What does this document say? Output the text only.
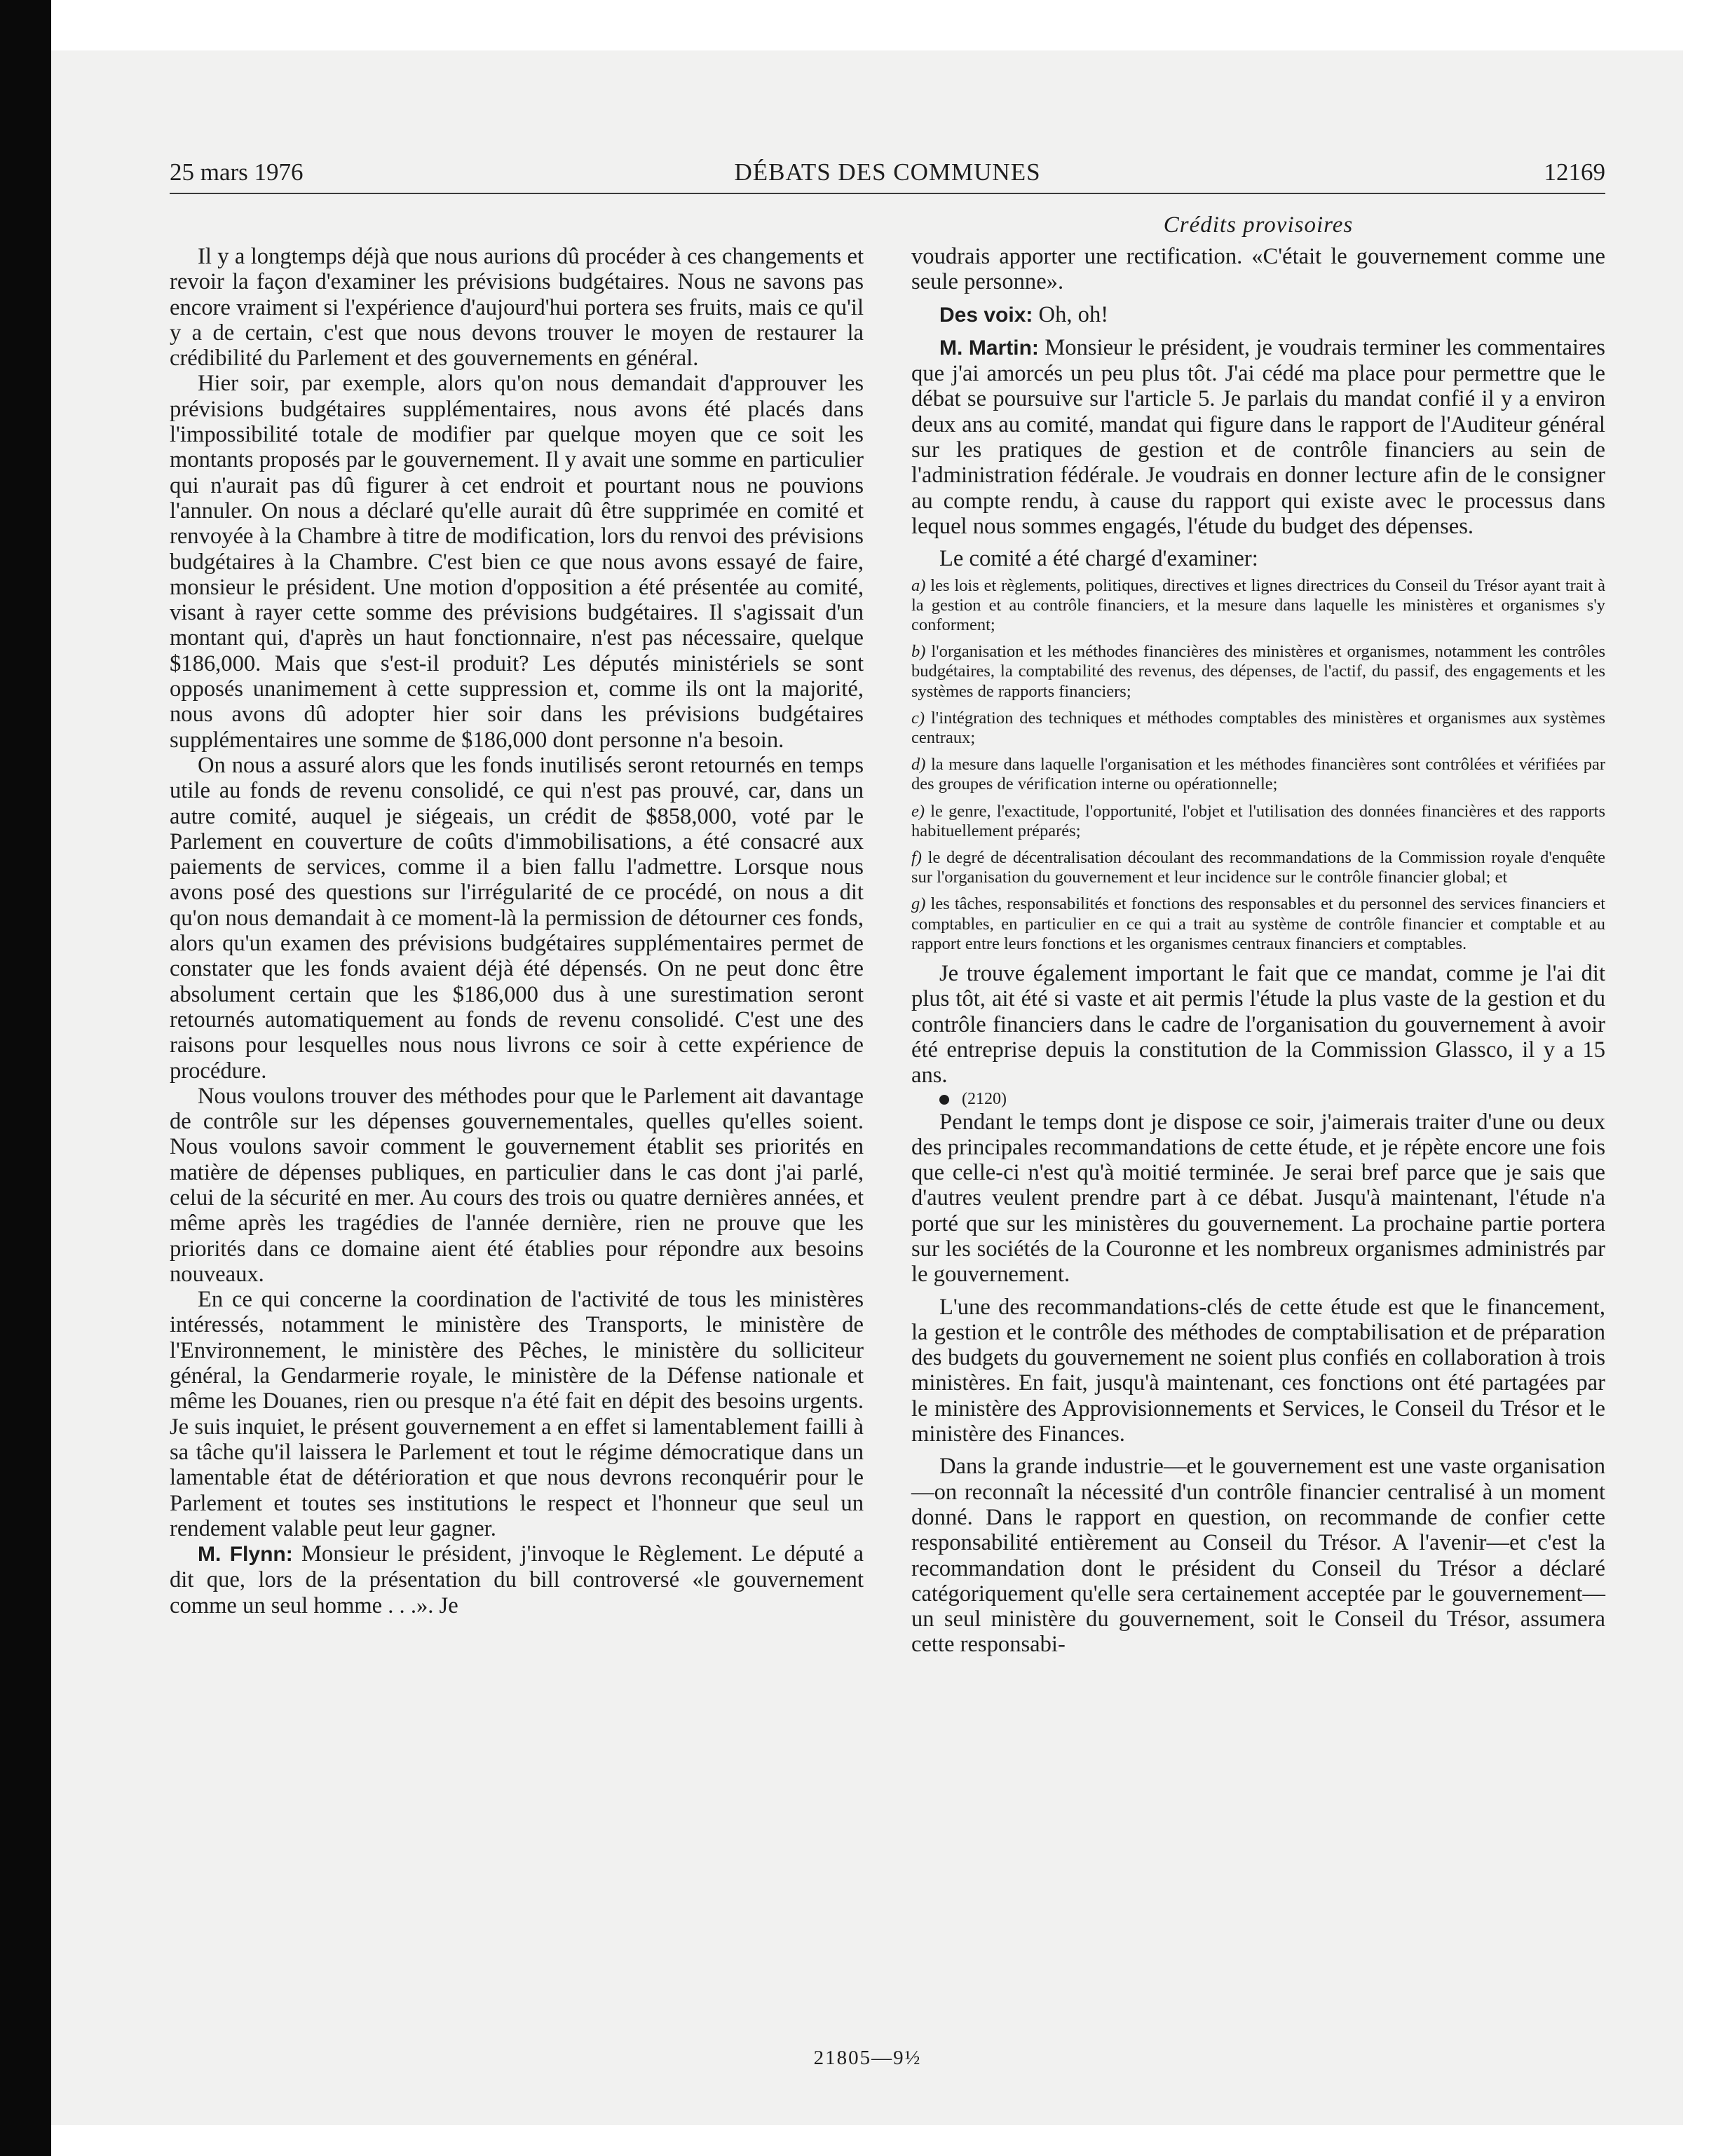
DÉBATS DES COMMUNES
25 mars 1976	12169
Crédits provisoires

Il y a longtemps déjà que nous aurions dû procéder à ces changements et revoir la façon d'examiner les prévisions budgétaires. Nous ne savons pas encore vraiment si l'expérience d'aujourd'hui portera ses fruits, mais ce qu'il y a de certain, c'est que nous devons trouver le moyen de restaurer la crédibilité du Parlement et des gouvernements en général.

Hier soir, par exemple, alors qu'on nous demandait d'approuver les prévisions budgétaires supplémentaires, nous avons été placés dans l'impossibilité totale de modifier par quelque moyen que ce soit les montants proposés par le gouvernement. Il y avait une somme en particulier qui n'aurait pas dû figurer à cet endroit et pourtant nous ne pouvions l'annuler. On nous a déclaré qu'elle aurait dû être supprimée en comité et renvoyée à la Chambre à titre de modification, lors du renvoi des prévisions budgétaires à la Chambre. C'est bien ce que nous avons essayé de faire, monsieur le président. Une motion d'opposition a été présentée au comité, visant à rayer cette somme des prévisions budgétaires. Il s'agissait d'un montant qui, d'après un haut fonctionnaire, n'est pas nécessaire, quelque $186,000. Mais que s'est-il produit? Les députés ministériels se sont opposés unanimement à cette suppression et, comme ils ont la majorité, nous avons dû adopter hier soir dans les prévisions budgétaires supplémentaires une somme de $186,000 dont personne n'a besoin.

On nous a assuré alors que les fonds inutilisés seront retournés en temps utile au fonds de revenu consolidé, ce qui n'est pas prouvé, car, dans un autre comité, auquel je siégeais, un crédit de $858,000, voté par le Parlement en couverture de coûts d'immobilisations, a été consacré aux paiements de services, comme il a bien fallu l'admettre. Lorsque nous avons posé des questions sur l'irrégularité de ce procédé, on nous a dit qu'on nous demandait à ce moment-là la permission de détourner ces fonds, alors qu'un examen des prévisions budgétaires supplémentaires permet de constater que les fonds avaient déjà été dépensés. On ne peut donc être absolument certain que les $186,000 dus à une surestimation seront retournés automatiquement au fonds de revenu consolidé. C'est une des raisons pour lesquelles nous nous livrons ce soir à cette expérience de procédure.

Nous voulons trouver des méthodes pour que le Parlement ait davantage de contrôle sur les dépenses gouvernementales, quelles qu'elles soient. Nous voulons savoir comment le gouvernement établit ses priorités en matière de dépenses publiques, en particulier dans le cas dont j'ai parlé, celui de la sécurité en mer. Au cours des trois ou quatre dernières années, et même après les tragédies de l'année dernière, rien ne prouve que les priorités dans ce domaine aient été établies pour répondre aux besoins nouveaux.

En ce qui concerne la coordination de l'activité de tous les ministères intéressés, notamment le ministère des Transports, le ministère de l'Environnement, le ministère des Pêches, le ministère du solliciteur général, la Gendarmerie royale, le ministère de la Défense nationale et même les Douanes, rien ou presque n'a été fait en dépit des besoins urgents. Je suis inquiet, le présent gouvernement a en effet si lamentablement failli à sa tâche qu'il laissera le Parlement et tout le régime démocratique dans un lamentable état de détérioration et que nous devrons reconquérir pour le Parlement et toutes ses institutions le respect et l'honneur que seul un rendement valable peut leur gagner.

M. Flynn: Monsieur le président, j'invoque le Règlement. Le député a dit que, lors de la présentation du bill controversé «le gouvernement comme un seul homme . . .». Je

voudrais apporter une rectification. «C'était le gouvernement comme une seule personne».

Des voix: Oh, oh!

M. Martin: Monsieur le président, je voudrais terminer les commentaires que j'ai amorcés un peu plus tôt. J'ai cédé ma place pour permettre que le débat se poursuive sur l'article 5. Je parlais du mandat confié il y a environ deux ans au comité, mandat qui figure dans le rapport de l'Auditeur général sur les pratiques de gestion et de contrôle financiers au sein de l'administration fédérale. Je voudrais en donner lecture afin de le consigner au compte rendu, à cause du rapport qui existe avec le processus dans lequel nous sommes engagés, l'étude du budget des dépenses.

Le comité a été chargé d'examiner:

a) les lois et règlements, politiques, directives et lignes directrices du Conseil du Trésor ayant trait à la gestion et au contrôle financiers, et la mesure dans laquelle les ministères et organismes s'y conforment;

b) l'organisation et les méthodes financières des ministères et organismes, notamment les contrôles budgétaires, la comptabilité des revenus, des dépenses, de l'actif, du passif, des engagements et les systèmes de rapports financiers;

c) l'intégration des techniques et méthodes comptables des ministères et organismes aux systèmes centraux;

d) la mesure dans laquelle l'organisation et les méthodes financières sont contrôlées et vérifiées par des groupes de vérification interne ou opérationnelle;

e) le genre, l'exactitude, l'opportunité, l'objet et l'utilisation des données financières et des rapports habituellement préparés;

f) le degré de décentralisation découlant des recommandations de la Commission royale d'enquête sur l'organisation du gouvernement et leur incidence sur le contrôle financier global; et

g) les tâches, responsabilités et fonctions des responsables et du personnel des services financiers et comptables, en particulier en ce qui a trait au système de contrôle financier et comptable et au rapport entre leurs fonctions et les organismes centraux financiers et comptables.

Je trouve également important le fait que ce mandat, comme je l'ai dit plus tôt, ait été si vaste et ait permis l'étude la plus vaste de la gestion et du contrôle financiers dans le cadre de l'organisation du gouvernement à avoir été entreprise depuis la constitution de la Commission Glassco, il y a 15 ans.

(2120)

Pendant le temps dont je dispose ce soir, j'aimerais traiter d'une ou deux des principales recommandations de cette étude, et je répète encore une fois que celle-ci n'est qu'à moitié terminée. Je serai bref parce que je sais que d'autres veulent prendre part à ce débat. Jusqu'à maintenant, l'étude n'a porté que sur les ministères du gouvernement. La prochaine partie portera sur les sociétés de la Couronne et les nombreux organismes administrés par le gouvernement.

L'une des recommandations-clés de cette étude est que le financement, la gestion et le contrôle des méthodes de comptabilisation et de préparation des budgets du gouvernement ne soient plus confiés en collaboration à trois ministères. En fait, jusqu'à maintenant, ces fonctions ont été partagées par le ministère des Approvisionnements et Services, le Conseil du Trésor et le ministère des Finances.

Dans la grande industrie—et le gouvernement est une vaste organisation—on reconnaît la nécessité d'un contrôle financier centralisé à un moment donné. Dans le rapport en question, on recommande de confier cette responsabilité entièrement au Conseil du Trésor. A l'avenir—et c'est la recommandation dont le président du Conseil du Trésor a déclaré catégoriquement qu'elle sera certainement acceptée par le gouvernement—un seul ministère du gouvernement, soit le Conseil du Trésor, assumera cette responsabi-

21805—9½
